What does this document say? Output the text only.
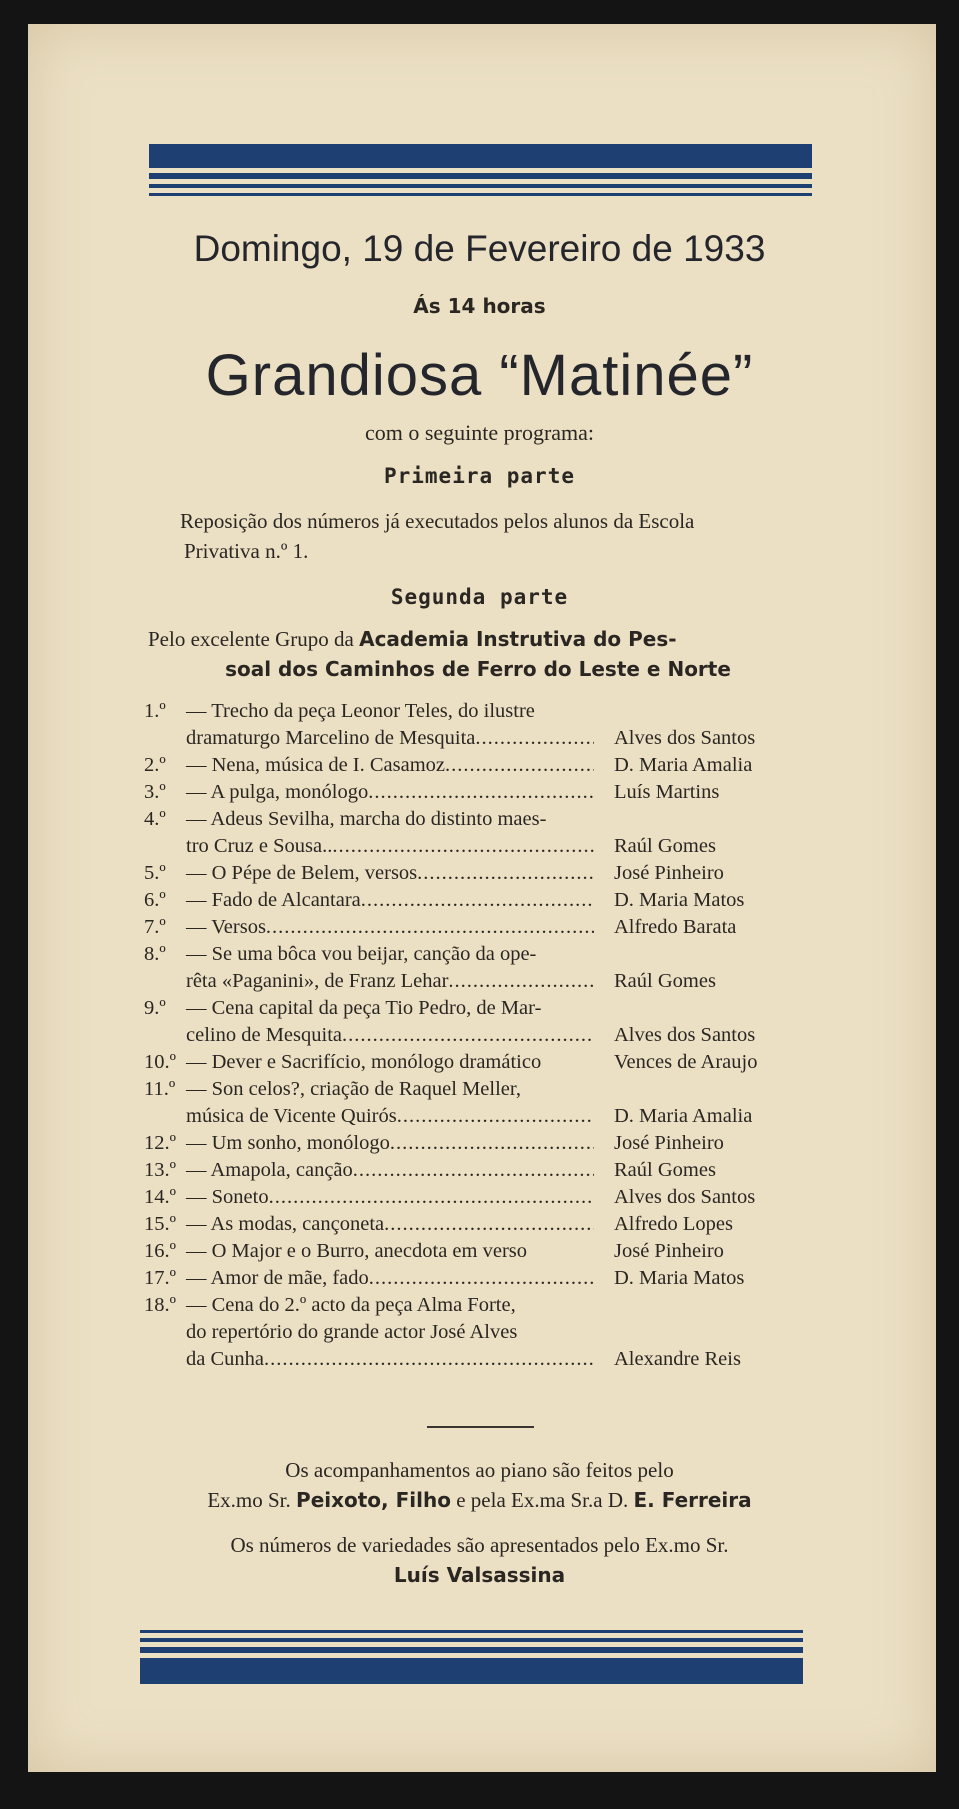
Domingo, 19 de Fevereiro de 1933
Ás 14 horas
Grandiosa “Matinée”
com o seguinte programa:
Primeira parte
Reposição dos números já executados pelos alunos da Escola
Privativa n.º 1.
Segunda parte
Pelo excelente Grupo da Academia Instrutiva do Pes-
soal dos Caminhos de Ferro do Leste e Norte
1.º — Trecho da peça Leonor Teles, do ilustre
dramaturgo Marcelino de Mesquita .....	Alves dos Santos
2.º — Nena, música de I. Casamoz .....	D. Maria Amalia
3.º — A pulga, monólogo .....	Luís Martins
4.º — Adeus Sevilha, marcha do distinto maes-
tro Cruz e Sousa.. .....	Raúl Gomes
5.º — O Pépe de Belem, versos .....	José Pinheiro
6.º — Fado de Alcantara .....	D. Maria Matos
7.º — Versos .....	Alfredo Barata
8.º — Se uma bôca vou beijar, canção da ope-
rêta «Paganini», de Franz Lehar .....	Raúl Gomes
9.º — Cena capital da peça Tio Pedro, de Mar-
celino de Mesquita .....	Alves dos Santos
10.º — Dever e Sacrifício, monólogo dramático	Vences de Araujo
11.º — Son celos?, criação de Raquel Meller,
música de Vicente Quirós .....	D. Maria Amalia
12.º — Um sonho, monólogo .....	José Pinheiro
13.º — Amapola, canção .....	Raúl Gomes
14.º — Soneto .....	Alves dos Santos
15.º — As modas, cançoneta .....	Alfredo Lopes
16.º — O Major e o Burro, anecdota em verso	José Pinheiro
17.º — Amor de mãe, fado .....	D. Maria Matos
18.º — Cena do 2.º acto da peça Alma Forte,
do repertório do grande actor José Alves
da Cunha .....	Alexandre Reis
Os acompanhamentos ao piano são feitos pelo
Ex.mo Sr. Peixoto, Filho e pela Ex.ma Sr.a D. E. Ferreira
Os números de variedades são apresentados pelo Ex.mo Sr.
Luís Valsassina
